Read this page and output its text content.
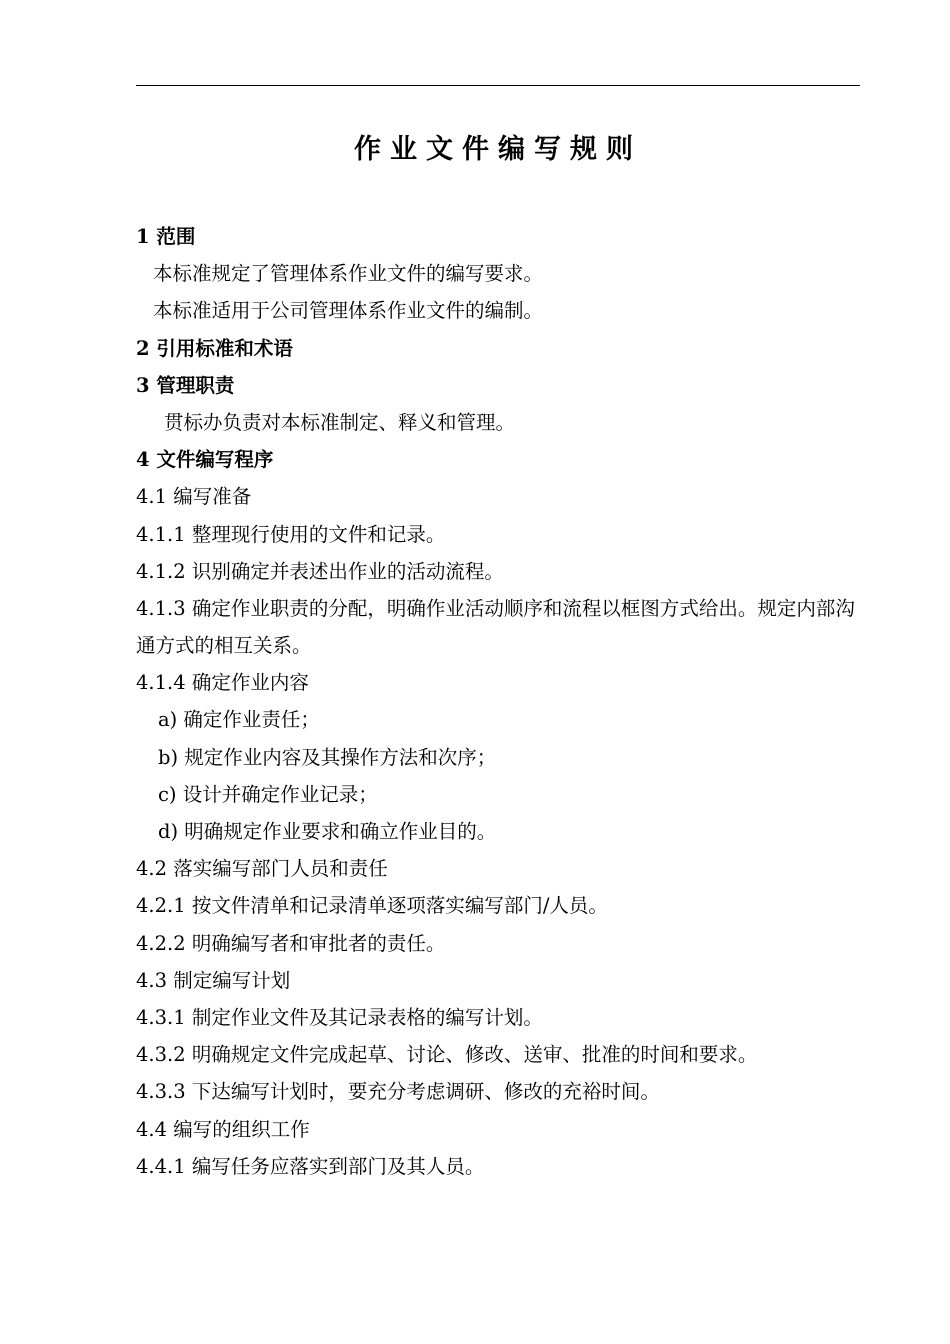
作业文件编写规则
1 范围
本标准规定了管理体系作业文件的编写要求。
本标准适用于公司管理体系作业文件的编制。
2 引用标准和术语
3 管理职责
贯标办负责对本标准制定、释义和管理。
4 文件编写程序
4.1 编写准备
4.1.1 整理现行使用的文件和记录。
4.1.2 识别确定并表述出作业的活动流程。
4.1.3 确定作业职责的分配，明确作业活动顺序和流程以框图方式给出。规定内部沟通方式的相互关系。
4.1.4 确定作业内容
a) 确定作业责任；
b) 规定作业内容及其操作方法和次序；
c) 设计并确定作业记录；
d) 明确规定作业要求和确立作业目的。
4.2 落实编写部门人员和责任
4.2.1 按文件清单和记录清单逐项落实编写部门/人员。
4.2.2 明确编写者和审批者的责任。
4.3 制定编写计划
4.3.1 制定作业文件及其记录表格的编写计划。
4.3.2 明确规定文件完成起草、讨论、修改、送审、批准的时间和要求。
4.3.3 下达编写计划时，要充分考虑调研、修改的充裕时间。
4.4 编写的组织工作
4.4.1 编写任务应落实到部门及其人员。
